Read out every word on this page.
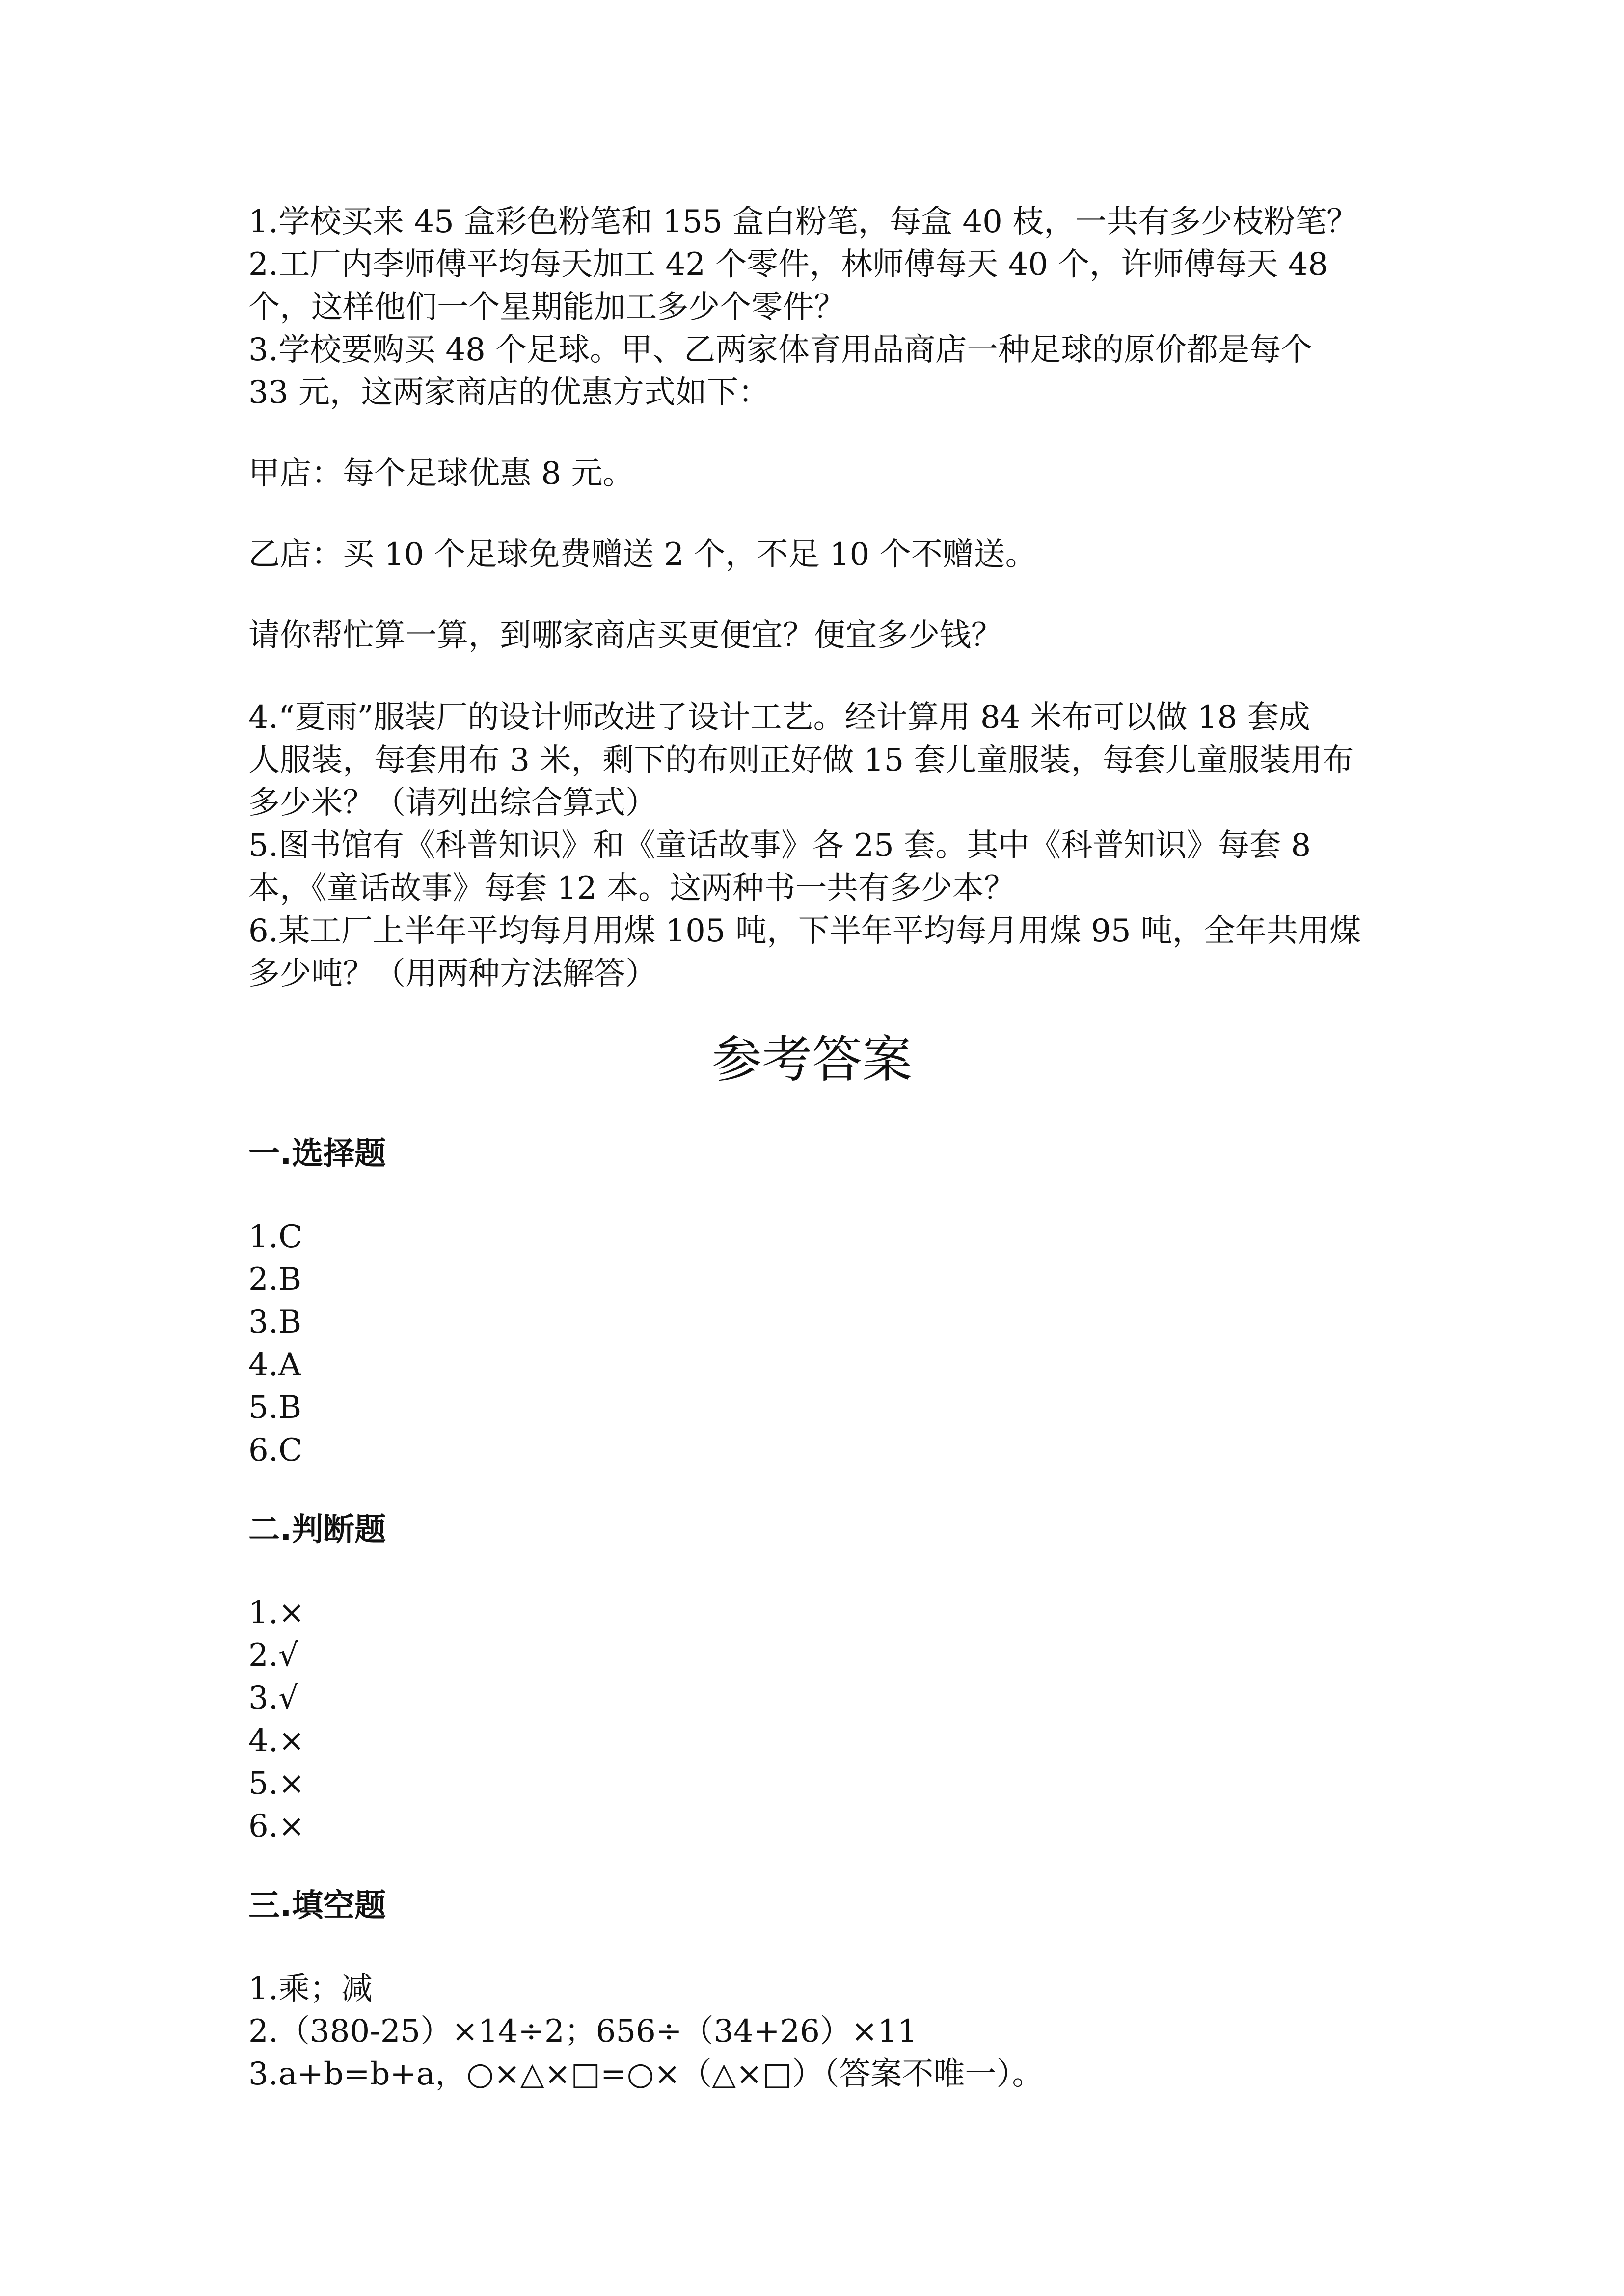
1.学校买来 45 盒彩色粉笔和 155 盒白粉笔，每盒 40 枝，一共有多少枝粉笔？
2.工厂内李师傅平均每天加工 42 个零件，林师傅每天 40 个，许师傅每天 48
个，这样他们一个星期能加工多少个零件？
3.学校要购买 48 个足球。甲、乙两家体育用品商店一种足球的原价都是每个
33 元，这两家商店的优惠方式如下：
甲店：每个足球优惠 8 元。
乙店：买 10 个足球免费赠送 2 个，不足 10 个不赠送。
请你帮忙算一算，到哪家商店买更便宜？便宜多少钱？
4.“夏雨”服装厂的设计师改进了设计工艺。经计算用 84 米布可以做 18 套成
人服装，每套用布 3 米，剩下的布则正好做 15 套儿童服装，每套儿童服装用布
多少米？（请列出综合算式）
5.图书馆有《科普知识》和《童话故事》各 25 套。其中《科普知识》每套 8
本，《童话故事》每套 12 本。这两种书一共有多少本？
6.某工厂上半年平均每月用煤 105 吨，下半年平均每月用煤 95 吨，全年共用煤
多少吨？（用两种方法解答）
参考答案
一.选择题
1.C
2.B
3.B
4.A
5.B
6.C
二.判断题
1.×
2.√
3.√
4.×
5.×
6.×
三.填空题
1.乘；减
2.（380-25）×14÷2；656÷（34+26）×11
3.a+b=b+a，○×△×□=○×（△×□）（答案不唯一）。
